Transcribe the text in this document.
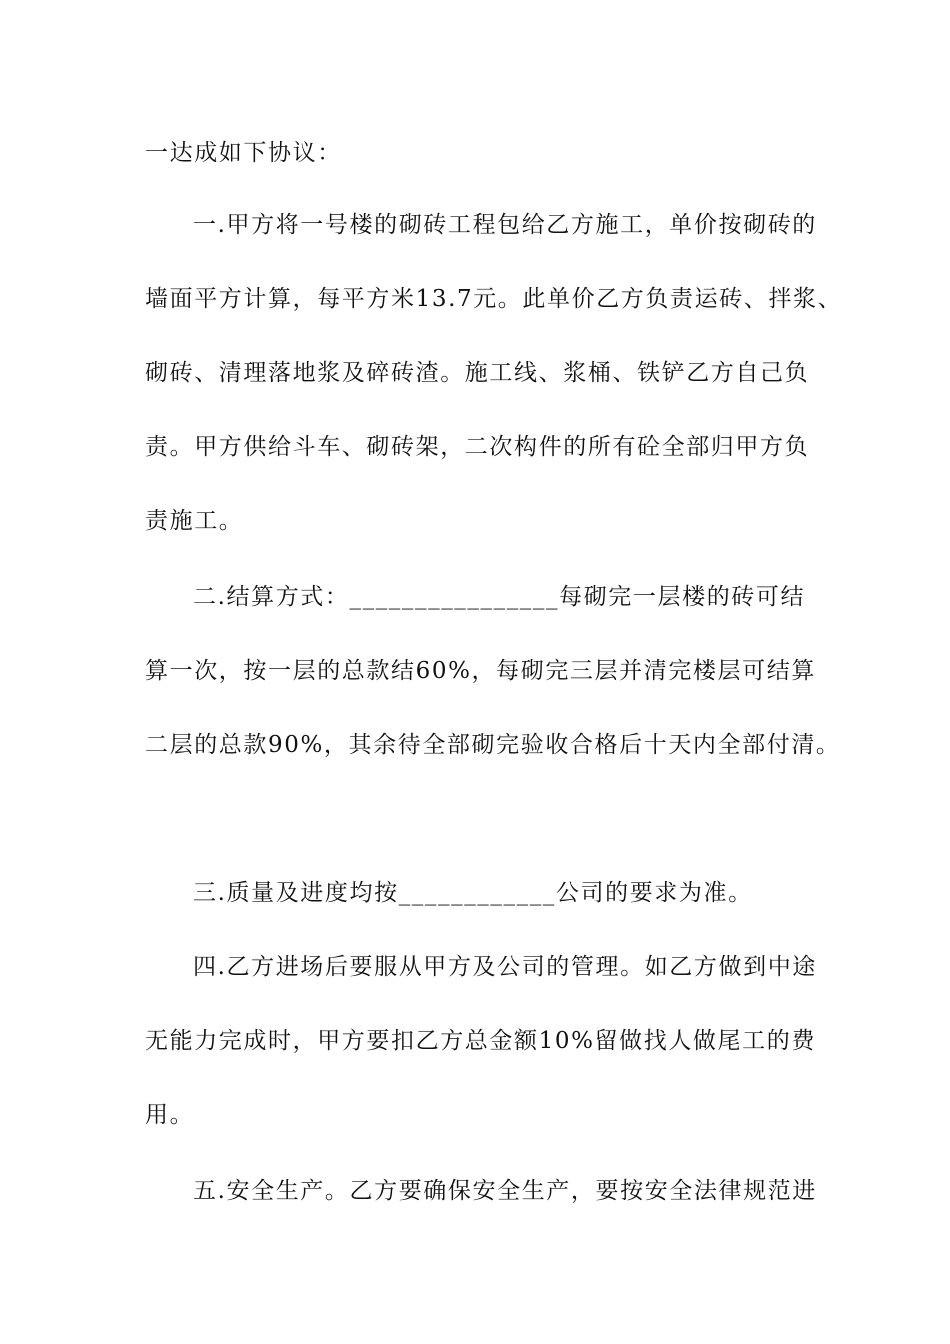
一达成如下协议：
一.甲方将一号楼的砌砖工程包给乙方施工，单价按砌砖的
墙面平方计算，每平方米13.7元。此单价乙方负责运砖、拌浆、
砌砖、清理落地浆及碎砖渣。施工线、浆桶、铁铲乙方自己负
责。甲方供给斗车、砌砖架，二次构件的所有砼全部归甲方负
责施工。
二.结算方式：________________每砌完一层楼的砖可结
算一次，按一层的总款结60%，每砌完三层并清完楼层可结算
二层的总款90%，其余待全部砌完验收合格后十天内全部付清。
三.质量及进度均按____________公司的要求为准。
四.乙方进场后要服从甲方及公司的管理。如乙方做到中途
无能力完成时，甲方要扣乙方总金额10%留做找人做尾工的费
用。
五.安全生产。乙方要确保安全生产，要按安全法律规范进
